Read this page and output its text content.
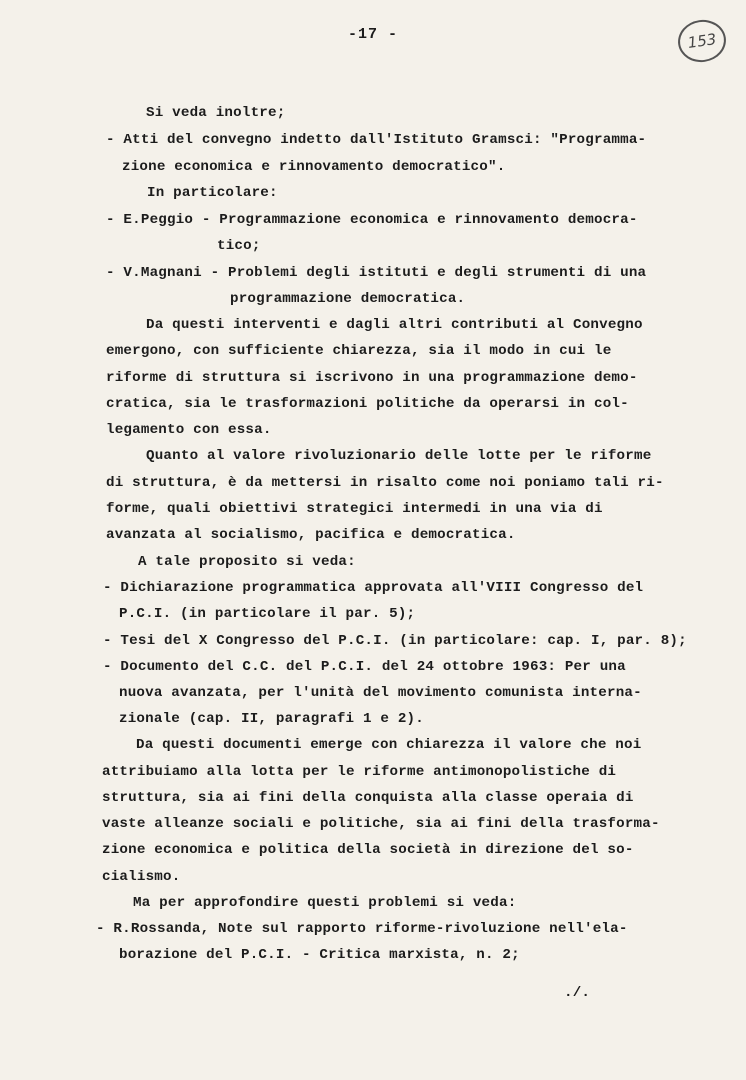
-17 -	153
Si veda inoltre;
- Atti del convegno indetto dall'Istituto Gramsci: "Programma-
zione economica e rinnovamento democratico".
In particolare:
- E.Peggio - Programmazione economica e rinnovamento democra-
tico;
- V.Magnani - Problemi degli istituti e degli strumenti di una
programmazione democratica.
Da questi interventi e dagli altri contributi al Convegno
emergono, con sufficiente chiarezza, sia il modo in cui le
riforme di struttura si iscrivono in una programmazione demo-
cratica, sia le trasformazioni politiche da operarsi in col-
legamento con essa.
Quanto al valore rivoluzionario delle lotte per le riforme
di struttura, è da mettersi in risalto come noi poniamo tali ri-
forme, quali obiettivi strategici intermedi in una via di
avanzata al socialismo, pacifica e democratica.
A tale proposito si veda:
- Dichiarazione programmatica approvata all'VIII Congresso del
P.C.I. (in particolare il par. 5);
- Tesi del X Congresso del P.C.I. (in particolare: cap. I, par. 8);
- Documento del C.C. del P.C.I. del 24 ottobre 1963: Per una
nuova avanzata, per l'unità del movimento comunista interna-
zionale (cap. II, paragrafi 1 e 2).
Da questi documenti emerge con chiarezza il valore che noi
attribuiamo alla lotta per le riforme antimonopolistiche di
struttura, sia ai fini della conquista alla classe operaia di
vaste alleanze sociali e politiche, sia ai fini della trasforma-
zione economica e politica della società in direzione del so-
cialismo.
Ma per approfondire questi problemi si veda:
- R.Rossanda, Note sul rapporto riforme-rivoluzione nell'ela-
borazione del P.C.I. - Critica marxista, n. 2;
./.
